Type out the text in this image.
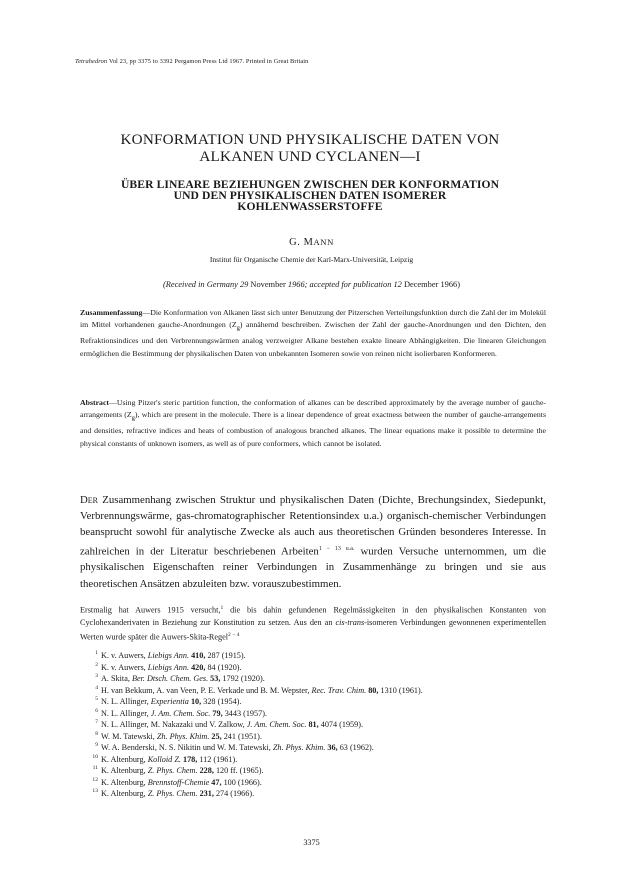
Tetrahedron Vol 23, pp 3375 to 3392 Pergamon Press Ltd 1967. Printed in Great Britain
KONFORMATION UND PHYSIKALISCHE DATEN VON
ALKANEN UND CYCLANEN—I
ÜBER LINEARE BEZIEHUNGEN ZWISCHEN DER KONFORMATION
UND DEN PHYSIKALISCHEN DATEN ISOMERER
KOHLENWASSERSTOFFE
G. MANN
Institut für Organische Chemie der Karl-Marx-Universität, Leipzig
(Received in Germany 29 November 1966; accepted for publication 12 December 1966)

Zusammenfassung—Die Konformation von Alkanen lässt sich unter Benutzung der Pitzerschen Verteilungsfunktion durch die Zahl der im Molekül im Mittel vorhandenen gauche-Anordnungen $(Z_g)$ annähernd beschreiben. Zwischen der Zahl der gauche-Anordnungen und den Dichten, den Refraktionsindices und den Verbrennungswärmen analog verzweigter Alkane bestehen exakte lineare Abhängigkeiten. Die linearen Gleichungen ermöglichen die Bestimmung der physikalischen Daten von unbekannten Isomeren sowie von reinen nicht isolierbaren Konformeren.

Abstract—Using Pitzer's steric partition function, the conformation of alkanes can be described approximately by the average number of gauche-arrangements $(Z_g)$, which are present in the molecule. There is a linear dependence of great exactness between the number of gauche-arrangements and densities, refractive indices and heats of combustion of analogous branched alkanes. The linear equations make it possible to determine the physical constants of unknown isomers, as well as of pure conformers, which cannot be isolated.

Der Zusammenhang zwischen Struktur und physikalischen Daten (Dichte, Brechungsindex, Siedepunkt, Verbrennungswärme, gas-chromatographischer Retentionsindex u.a.) organisch-chemischer Verbindungen beansprucht sowohl für analytische Zwecke als auch aus theoretischen Gründen besonderes Interesse. In zahlreichen in der Literatur beschriebenen Arbeiten$^{1 - 13 u.a.}$ wurden Versuche unternommen, um die physikalischen Eigenschaften reiner Verbindungen in Zusammenhänge zu bringen und sie aus theoretischen Ansätzen abzuleiten bzw. vorauszubestimmen.

Erstmalig hat Auwers 1915 versucht,$^1$ die bis dahin gefundenen Regelmässigkeiten in den physikalischen Konstanten von Cyclohexanderivaten in Beziehung zur Konstitution zu setzen. Aus den an cis-trans-isomeren Verbindungen gewonnenen experimentellen Werten wurde später die Auwers-Skita-Regel$^{2 - 4}$

1 K. v. Auwers, Liebigs Ann. 410, 287 (1915).
2 K. v. Auwers, Liebigs Ann. 420, 84 (1920).
3 A. Skita, Ber. Dtsch. Chem. Ges. 53, 1792 (1920).
4 H. van Bekkum, A. van Veen, P. E. Verkade und B. M. Wepster, Rec. Trav. Chim. 80, 1310 (1961).
5 N. L. Allinger, Experientia 10, 328 (1954).
6 N. L. Allinger, J. Am. Chem. Soc. 79, 3443 (1957).
7 N. L. Allinger, M. Nakazaki und V. Zalkow, J. Am. Chem. Soc. 81, 4074 (1959).
8 W. M. Tatewski, Zh. Phys. Khim. 25, 241 (1951).
9 W. A. Benderski, N. S. Nikitin und W. M. Tatewski, Zh. Phys. Khim. 36, 63 (1962).
10 K. Altenburg, Kolloid Z. 178, 112 (1961).
11 K. Altenburg, Z. Phys. Chem. 228, 120 ff. (1965).
12 K. Altenburg, Brennstoff-Chemie 47, 100 (1966).
13 K. Altenburg, Z. Phys. Chem. 231, 274 (1966).
3375
